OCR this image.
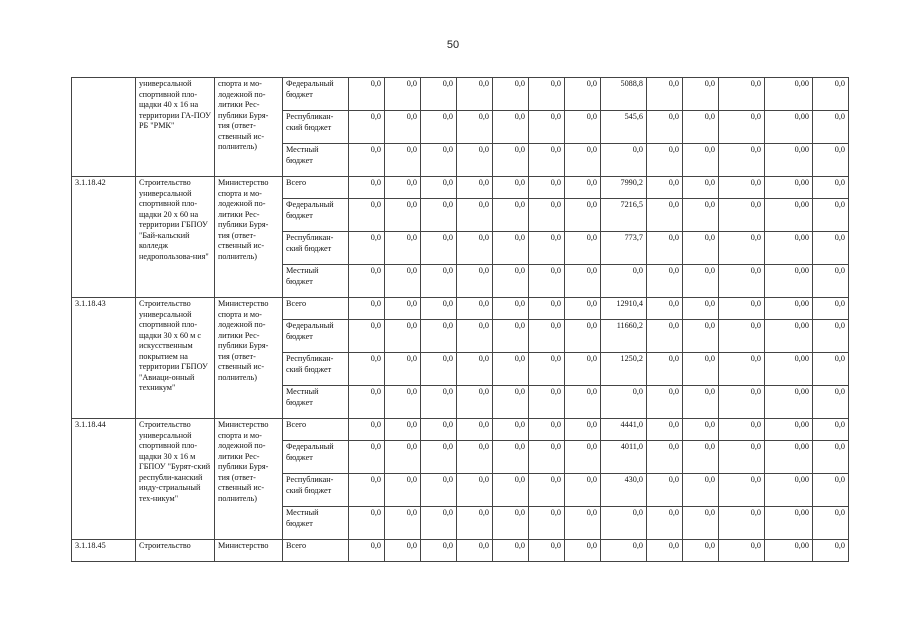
50
	универсальной спортивной пло-щадки 40 x 16 на территории ГА-ПОУ РБ "РМК"	спорта и мо-лодежной по-литики Рес-публики Буря-тия (ответ-ственный ис-полнитель)	Федеральный бюджет	0,0	0,0	0,0	0,0	0,0	0,0	0,0	5088,8	0,0	0,0	0,0	0,00	0,0
			Республикан-ский бюджет	0,0	0,0	0,0	0,0	0,0	0,0	0,0	545,6	0,0	0,0	0,0	0,00	0,0
			Местный бюджет	0,0	0,0	0,0	0,0	0,0	0,0	0,0	0,0	0,0	0,0	0,0	0,00	0,0
3.1.18.42	Строительство универсальной спортивной пло-щадки 20 x 60 на территории ГБПОУ "Бай-кальский колледж недропользова-ния"	Министерство спорта и мо-лодежной по-литики Рес-публики Буря-тия (ответ-ственный ис-полнитель)	Всего	0,0	0,0	0,0	0,0	0,0	0,0	0,0	7990,2	0,0	0,0	0,0	0,00	0,0
			Федеральный бюджет	0,0	0,0	0,0	0,0	0,0	0,0	0,0	7216,5	0,0	0,0	0,0	0,00	0,0
			Республикан-ский бюджет	0,0	0,0	0,0	0,0	0,0	0,0	0,0	773,7	0,0	0,0	0,0	0,00	0,0
			Местный бюджет	0,0	0,0	0,0	0,0	0,0	0,0	0,0	0,0	0,0	0,0	0,0	0,00	0,0
3.1.18.43	Строительство универсальной спортивной пло-щадки 30 x 60 м с искусственным покрытием на территории ГБПОУ "Авиаци-онный техникум"	Министерство спорта и мо-лодежной по-литики Рес-публики Буря-тия (ответ-ственный ис-полнитель)	Всего	0,0	0,0	0,0	0,0	0,0	0,0	0,0	12910,4	0,0	0,0	0,0	0,00	0,0
			Федеральный бюджет	0,0	0,0	0,0	0,0	0,0	0,0	0,0	11660,2	0,0	0,0	0,0	0,00	0,0
			Республикан-ский бюджет	0,0	0,0	0,0	0,0	0,0	0,0	0,0	1250,2	0,0	0,0	0,0	0,00	0,0
			Местный бюджет	0,0	0,0	0,0	0,0	0,0	0,0	0,0	0,0	0,0	0,0	0,0	0,00	0,0
3.1.18.44	Строительство универсальной спортивной пло-щадки 30 x 16 м ГБПОУ "Бурят-ский республи-канский инду-стриальный тех-никум"	Министерство спорта и мо-лодежной по-литики Рес-публики Буря-тия (ответ-ственный ис-полнитель)	Всего	0,0	0,0	0,0	0,0	0,0	0,0	0,0	4441,0	0,0	0,0	0,0	0,00	0,0
			Федеральный бюджет	0,0	0,0	0,0	0,0	0,0	0,0	0,0	4011,0	0,0	0,0	0,0	0,00	0,0
			Республикан-ский бюджет	0,0	0,0	0,0	0,0	0,0	0,0	0,0	430,0	0,0	0,0	0,0	0,00	0,0
			Местный бюджет	0,0	0,0	0,0	0,0	0,0	0,0	0,0	0,0	0,0	0,0	0,0	0,00	0,0
3.1.18.45	Строительство	Министерство	Всего	0,0	0,0	0,0	0,0	0,0	0,0	0,0	0,0	0,0	0,0	0,0	0,00	0,0
